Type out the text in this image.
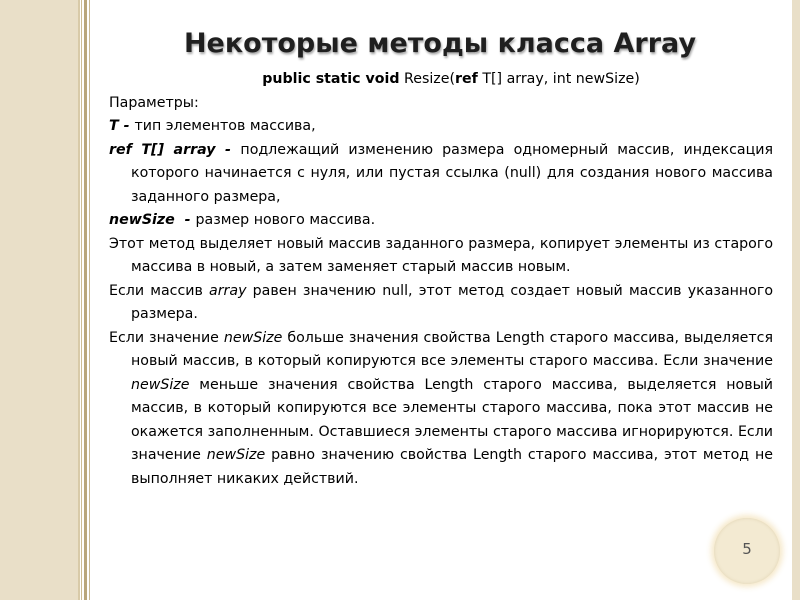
Некоторые методы класса Array

public static void Resize(ref T[] array, int newSize)

Параметры:

T - тип элементов массива,

ref T[] array - подлежащий изменению размера одномерный массив, индексация которого начинается с нуля, или пустая ссылка (null) для создания нового массива заданного размера,

newSize  - размер нового массива.

Этот метод выделяет новый массив заданного размера, копирует элементы из старого массива в новый, а затем заменяет старый массив новым.

Если массив array равен значению null, этот метод создает новый массив указанного размера.

Если значение newSize больше значения свойства Length старого массива, выделяется новый массив, в который копируются все элементы старого массива. Если значение newSize меньше значения свойства Length старого массива, выделяется новый массив, в который копируются все элементы старого массива, пока этот массив не окажется заполненным. Оставшиеся элементы старого массива игнорируются. Если значение newSize равно значению свойства Length старого массива, этот метод не выполняет никаких действий.

5
